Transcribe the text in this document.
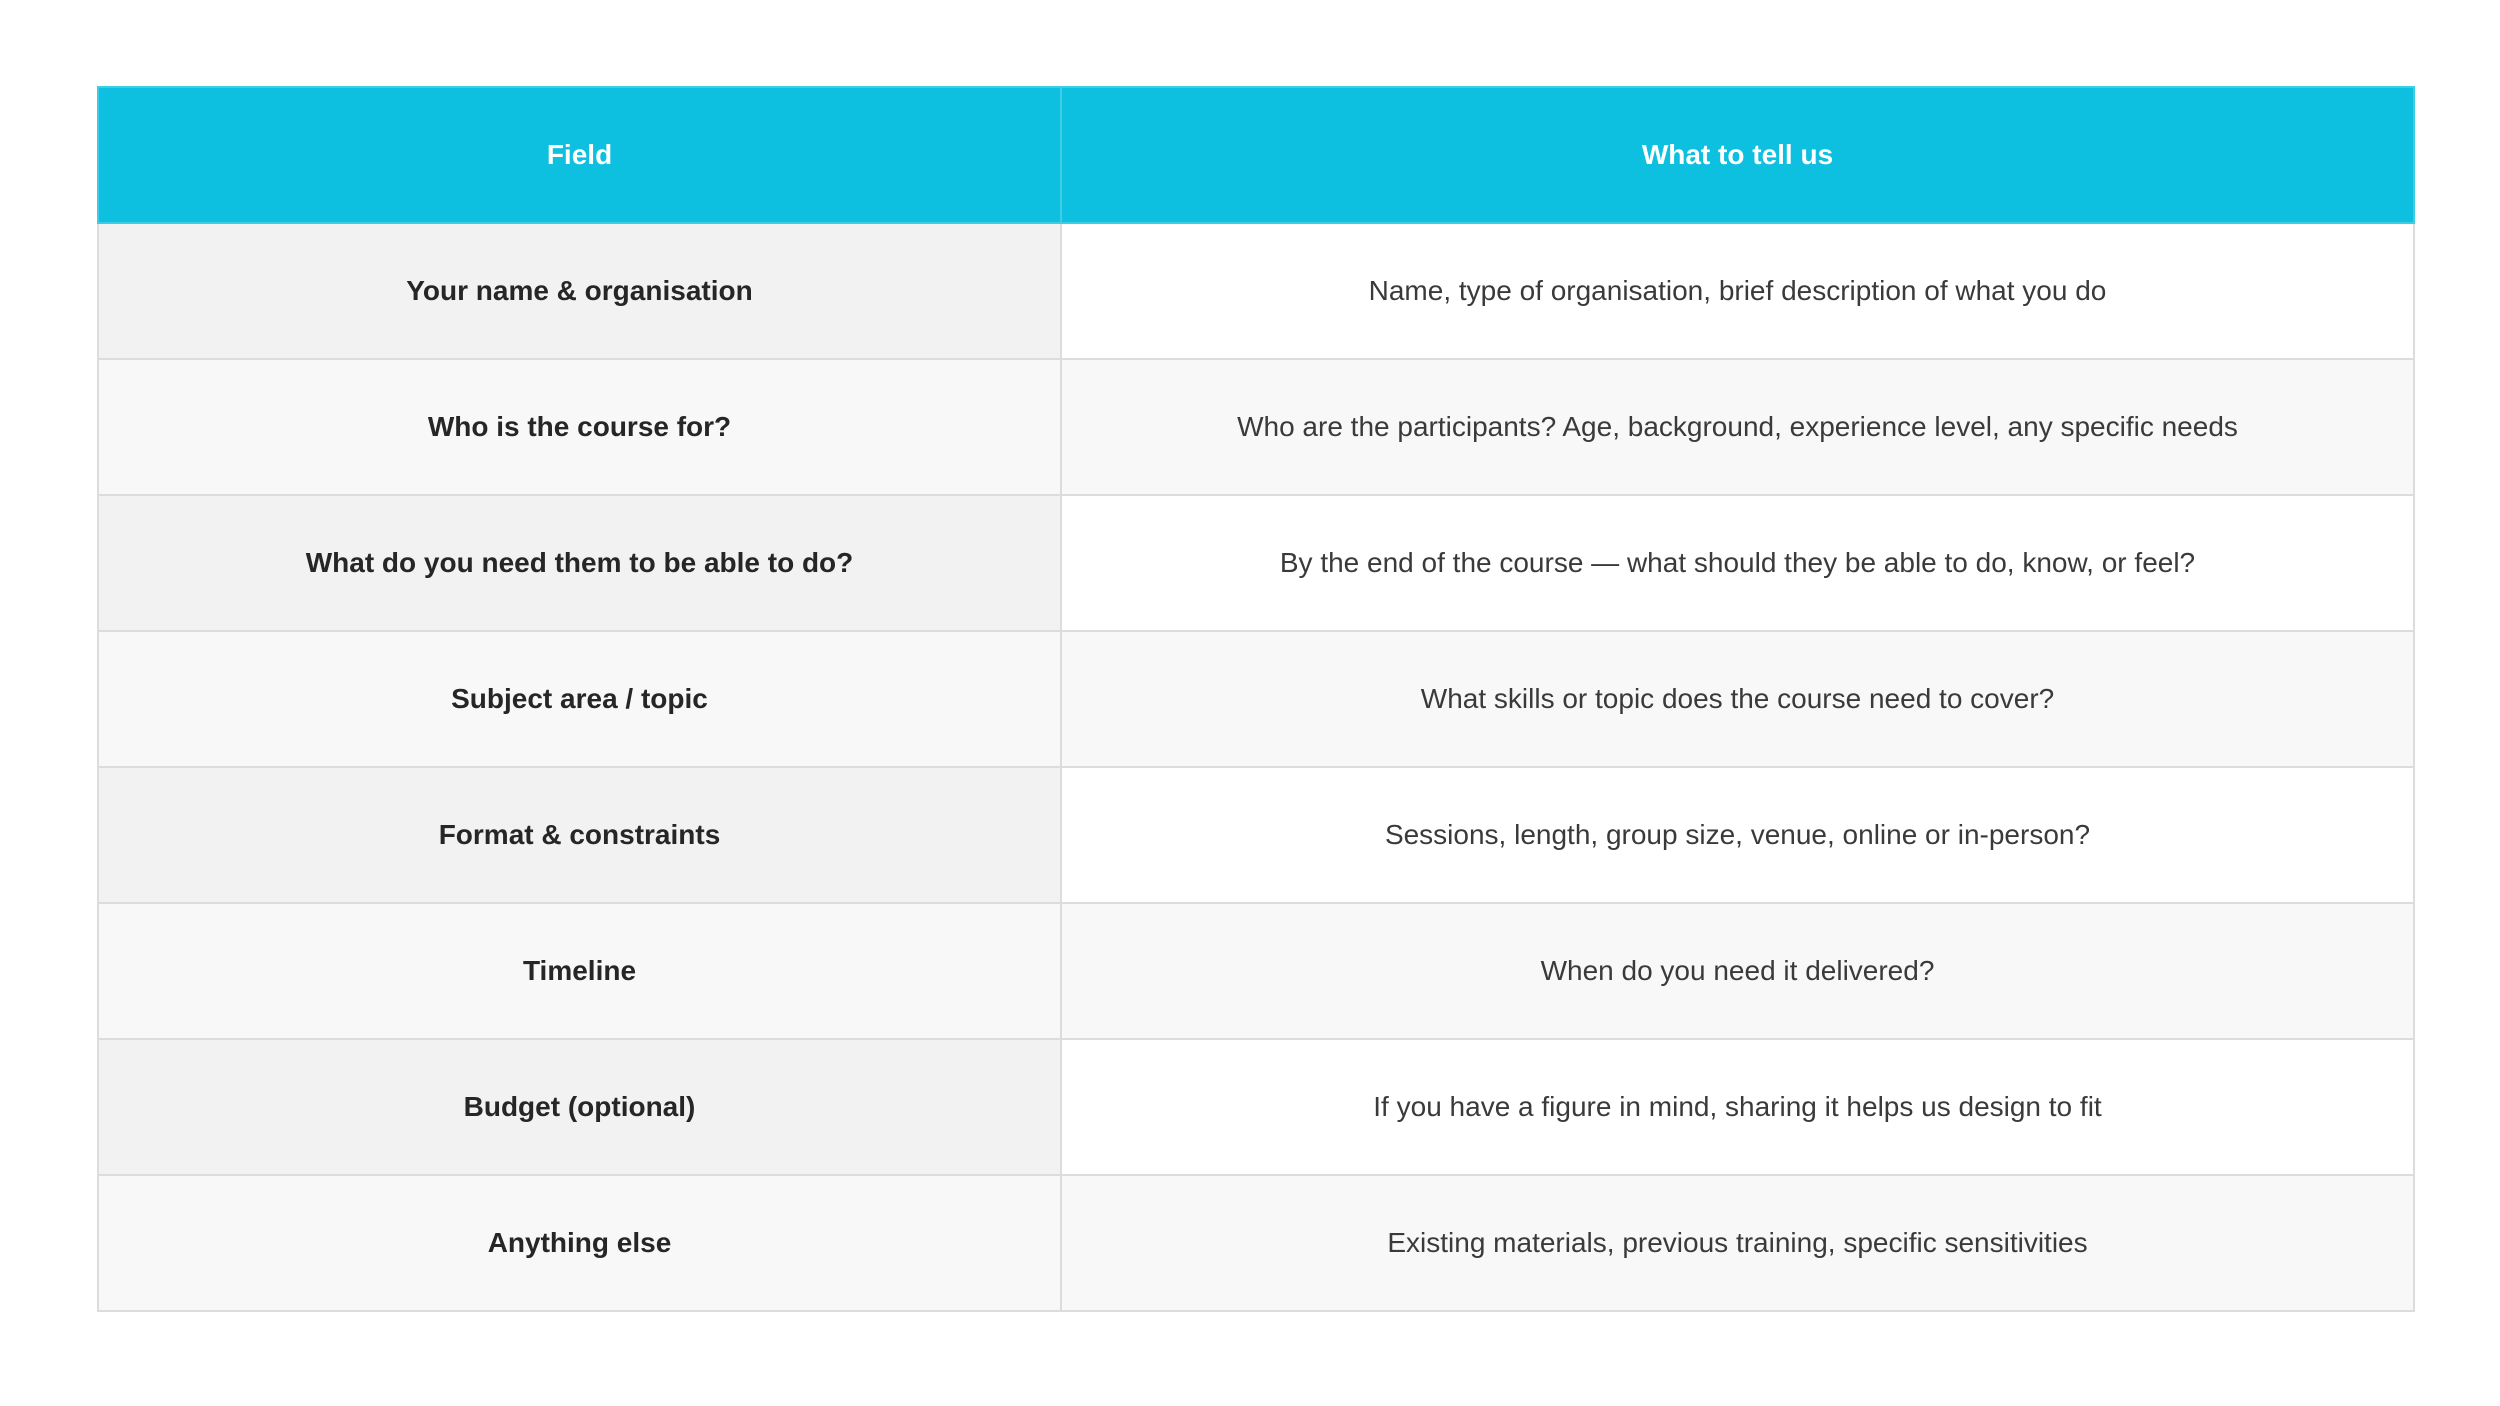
Field	What to tell us
Your name & organisation	Name, type of organisation, brief description of what you do
Who is the course for?	Who are the participants? Age, background, experience level, any specific needs
What do you need them to be able to do?	By the end of the course — what should they be able to do, know, or feel?
Subject area / topic	What skills or topic does the course need to cover?
Format & constraints	Sessions, length, group size, venue, online or in-person?
Timeline	When do you need it delivered?
Budget (optional)	If you have a figure in mind, sharing it helps us design to fit
Anything else	Existing materials, previous training, specific sensitivities
